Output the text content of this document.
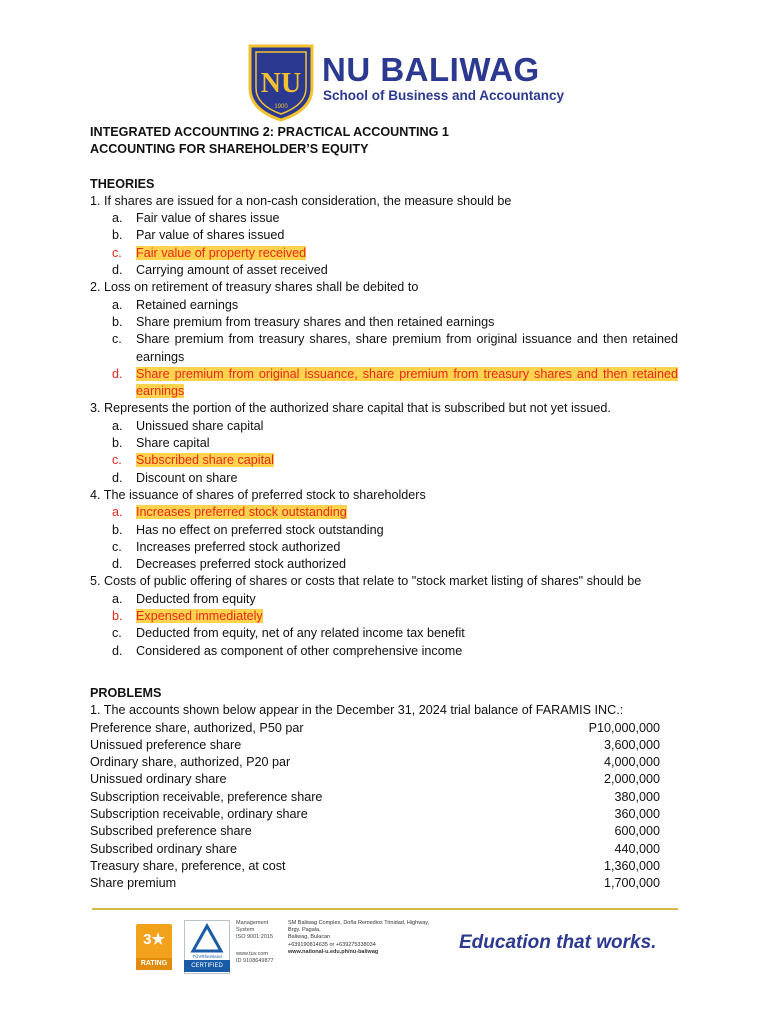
NU
1900
NU BALIWAG
School of Business and Accountancy
INTEGRATED ACCOUNTING 2: PRACTICAL ACCOUNTING 1
ACCOUNTING FOR SHAREHOLDER’S EQUITY
THEORIES

1. If shares are issued for a non-cash consideration, the measure should be

a.	Fair value of shares issue
b.	Par value of shares issued
c.	Fair value of property received
d.	Carrying amount of asset received

2. Loss on retirement of treasury shares shall be debited to

a.	Retained earnings
b.	Share premium from treasury shares and then retained earnings
c.	Share premium from treasury shares, share premium from original issuance and then retained earnings
d.	Share premium from original issuance, share premium from treasury shares and then retained earnings

3. Represents the portion of the authorized share capital that is subscribed but not yet issued.

a.	Unissued share capital
b.	Share capital
c.	Subscribed share capital
d.	Discount on share

4. The issuance of shares of preferred stock to shareholders

a.	Increases preferred stock outstanding
b.	Has no effect on preferred stock outstanding
c.	Increases preferred stock authorized
d.	Decreases preferred stock authorized

5. Costs of public offering of shares or costs that relate to "stock market listing of shares" should be

a.	Deducted from equity
b.	Expensed immediately
c.	Deducted from equity, net of any related income tax benefit
d.	Considered as component of other comprehensive income
PROBLEMS
1. The accounts shown below appear in the December 31, 2024 trial balance of FARAMIS INC.:
Preference share, authorized, P50 par	P10,000,000
Unissued preference share	3,600,000
Ordinary share, authorized, P20 par	4,000,000
Unissued ordinary share	2,000,000
Subscription receivable, preference share	380,000
Subscription receivable, ordinary share	360,000
Subscribed preference share	600,000
Subscribed ordinary share	440,000
Treasury share, preference, at cost	1,360,000
Share premium	1,700,000
3★
RATING
TÜVRheinland
CERTIFIED
Management
System
ISO 9001:2015
www.tuv.com
ID 9108649877
SM Baliwag Complex, Doña Remedios Trinidad, Highway,
Brgy. Pagala,
Baliwag, Bulacan
+639190814635 or +639275338034
www.national-u.edu.ph/nu-baliwag	Education that works.
